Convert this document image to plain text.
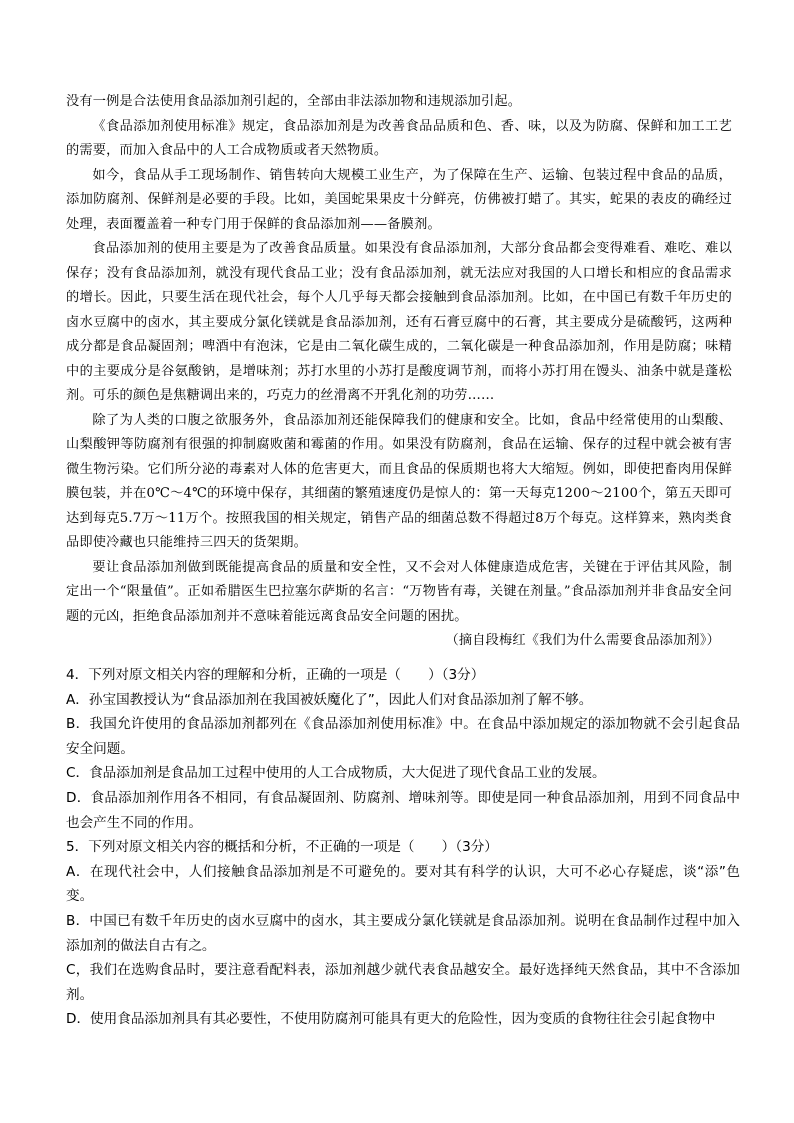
没有一例是合法使用食品添加剂引起的，全部由非法添加物和违规添加引起。

《食品添加剂使用标准》规定，食品添加剂是为改善食品品质和色、香、味，以及为防腐、保鲜和加工工艺的需要，而加入食品中的人工合成物质或者天然物质。

如今，食品从手工现场制作、销售转向大规模工业生产，为了保障在生产、运输、包装过程中食品的品质，添加防腐剂、保鲜剂是必要的手段。比如，美国蛇果果皮十分鲜亮，仿佛被打蜡了。其实，蛇果的表皮的确经过处理，表面覆盖着一种专门用于保鲜的食品添加剂——备膜剂。

食品添加剂的使用主要是为了改善食品质量。如果没有食品添加剂，大部分食品都会变得难看、难吃、难以保存；没有食品添加剂，就没有现代食品工业；没有食品添加剂，就无法应对我国的人口增长和相应的食品需求的增长。因此，只要生活在现代社会，每个人几乎每天都会接触到食品添加剂。比如，在中国已有数千年历史的卤水豆腐中的卤水，其主要成分氯化镁就是食品添加剂，还有石膏豆腐中的石膏，其主要成分是硫酸钙，这两种成分都是食品凝固剂；啤酒中有泡沫，它是由二氧化碳生成的，二氧化碳是一种食品添加剂，作用是防腐；味精中的主要成分是谷氨酸钠，是增味剂；苏打水里的小苏打是酸度调节剂，而将小苏打用在馒头、油条中就是蓬松剂。可乐的颜色是焦糖调出来的，巧克力的丝滑离不开乳化剂的功劳……

除了为人类的口腹之欲服务外，食品添加剂还能保障我们的健康和安全。比如，食品中经常使用的山梨酸、山梨酸钾等防腐剂有很强的抑制腐败菌和霉菌的作用。如果没有防腐剂，食品在运输、保存的过程中就会被有害微生物污染。它们所分泌的毒素对人体的危害更大，而且食品的保质期也将大大缩短。例如，即使把畜肉用保鲜膜包装，并在0℃～4℃的环境中保存，其细菌的繁殖速度仍是惊人的：第一天每克1200～2100个，第五天即可达到每克5.7万～11万个。按照我国的相关规定，销售产品的细菌总数不得超过8万个每克。这样算来，熟肉类食品即使冷藏也只能维持三四天的货架期。

要让食品添加剂做到既能提高食品的质量和安全性，又不会对人体健康造成危害，关键在于评估其风险，制定出一个“限量值”。正如希腊医生巴拉塞尔萨斯的名言：“万物皆有毒，关键在剂量。”食品添加剂并非食品安全问题的元凶，拒绝食品添加剂并不意味着能远离食品安全问题的困扰。

（摘自段梅红《我们为什么需要食品添加剂》）

4．下列对原文相关内容的理解和分析，正确的一项是（　　）（3分）

A．孙宝国教授认为“食品添加剂在我国被妖魔化了”，因此人们对食品添加剂了解不够。

B．我国允许使用的食品添加剂都列在《食品添加剂使用标准》中。在食品中添加规定的添加物就不会引起食品安全问题。

C．食品添加剂是食品加工过程中使用的人工合成物质，大大促进了现代食品工业的发展。

D．食品添加剂作用各不相同，有食品凝固剂、防腐剂、增味剂等。即使是同一种食品添加剂，用到不同食品中也会产生不同的作用。

5．下列对原文相关内容的概括和分析，不正确的一项是（　　）（3分）

A．在现代社会中，人们接触食品添加剂是不可避免的。要对其有科学的认识，大可不必心存疑虑，谈“添”色变。

B．中国已有数千年历史的卤水豆腐中的卤水，其主要成分氯化镁就是食品添加剂。说明在食品制作过程中加入添加剂的做法自古有之。

C，我们在选购食品时，要注意看配料表，添加剂越少就代表食品越安全。最好选择纯天然食品，其中不含添加剂。

D．使用食品添加剂具有其必要性，不使用防腐剂可能具有更大的危险性，因为变质的食物往往会引起食物中
